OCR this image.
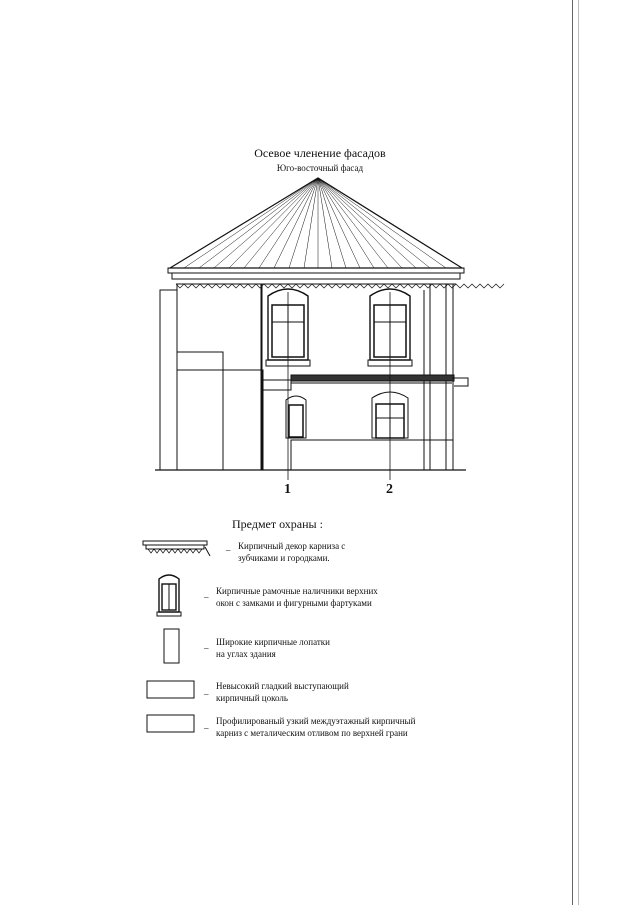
Осевое членение фасадов
Юго-восточный фасад
1	2
Предмет охраны :
– Кирпичный декор карниза с
зубчиками и городками.
–
Кирпичные рамочные наличники верхних
окон с замками и фигурными фартуками
–
Широкие кирпичные лопатки
на углах здания
–
Невысокий гладкий выступающий
кирпичный цоколь
–
Профилированый узкий междуэтажный кирпичный
карниз с металическим отливом по верхней грани
